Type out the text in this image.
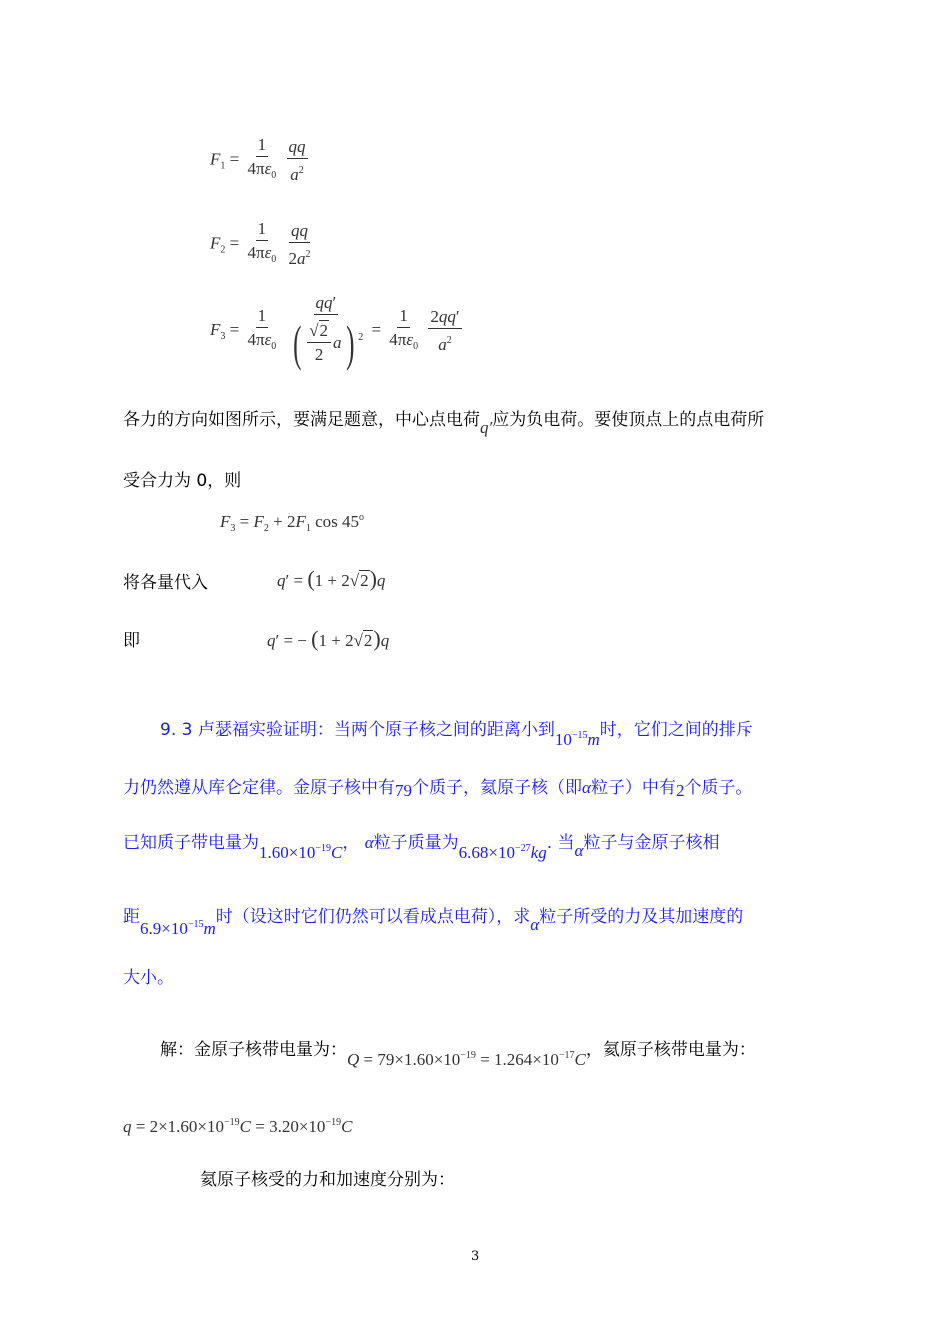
$F_1 = \frac{1}{4\pi\varepsilon_0}$
$\frac{qq}{a^2}$
$F_2 = \frac{1}{4\pi\varepsilon_0}$
$\frac{qq}{2a^2}$
$F_3 = \frac{1}{4\pi\varepsilon_0}$
$\frac{qq'}{( \frac{√2}{2} a ) ^2} = \frac{1}{4\pi\varepsilon_0}$
$\frac{2qq'}{a^2}$
各力的方向如图所示，要满足题意，中心点电荷q′应为负电荷。要使顶点上的点电荷所
受合力为 0，则
$F_3 = F_2 + 2F_1$ cos 45$^o$
将各量代入	q′ = (1 + 2√2)q
即	q′ = − (1 + 2√2)q
9. 3 卢瑟福实验证明：当两个原子核之间的距离小到$10^{-15}m$时，它们之间的排斥
力仍然遵从库仑定律。金原子核中有79个质子，氦原子核（即α粒子）中有2个质子。
已知质子带电量为$1.60\times 10^{-19}C$， α粒子质量为$6.68\times 10^{-27}kg$. 当α粒子与金原子核相
距$6.9\times 10^{-15}m$时（设这时它们仍然可以看成点电荷），求α粒子所受的力及其加速度的
大小。
解：金原子核带电量为：$Q = 79\times 1.60\times 10^{-19} = 1.264\times 10^{-17}C$，氦原子核带电量为：
$q = 2\times 1.60\times 10^{-19}C = 3.20\times 10^{-19}C$
氦原子核受的力和加速度分别为：
3
